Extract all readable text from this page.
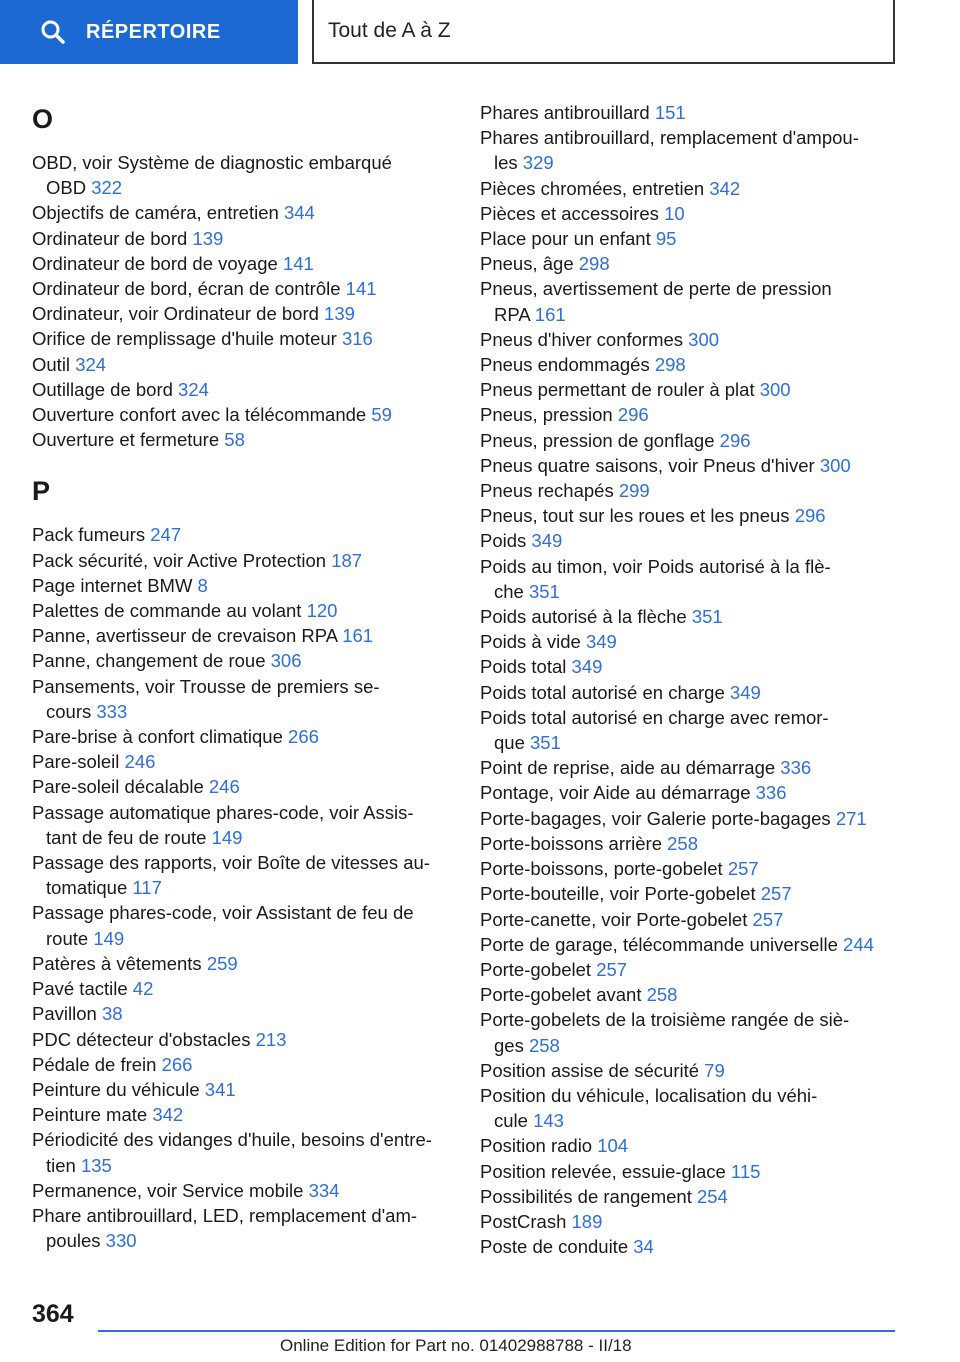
RÉPERTOIRE	Tout de A à Z
O
OBD, voir Système de diagnostic embarqué
OBD 322
Objectifs de caméra, entretien 344
Ordinateur de bord 139
Ordinateur de bord de voyage 141
Ordinateur de bord, écran de contrôle 141
Ordinateur, voir Ordinateur de bord 139
Orifice de remplissage d'huile moteur 316
Outil 324
Outillage de bord 324
Ouverture confort avec la télécommande 59
Ouverture et fermeture 58
P
Pack fumeurs 247
Pack sécurité, voir Active Protection 187
Page internet BMW 8
Palettes de commande au volant 120
Panne, avertisseur de crevaison RPA 161
Panne, changement de roue 306
Pansements, voir Trousse de premiers se‐
cours 333
Pare-brise à confort climatique 266
Pare-soleil 246
Pare-soleil décalable 246
Passage automatique phares-code, voir Assis‐
tant de feu de route 149
Passage des rapports, voir Boîte de vitesses au‐
tomatique 117
Passage phares-code, voir Assistant de feu de
route 149
Patères à vêtements 259
Pavé tactile 42
Pavillon 38
PDC détecteur d'obstacles 213
Pédale de frein 266
Peinture du véhicule 341
Peinture mate 342
Périodicité des vidanges d'huile, besoins d'entre‐
tien 135
Permanence, voir Service mobile 334
Phare antibrouillard, LED, remplacement d'am‐
poules 330
Phares antibrouillard 151
Phares antibrouillard, remplacement d'ampou‐
les 329
Pièces chromées, entretien 342
Pièces et accessoires 10
Place pour un enfant 95
Pneus, âge 298
Pneus, avertissement de perte de pression
RPA 161
Pneus d'hiver conformes 300
Pneus endommagés 298
Pneus permettant de rouler à plat 300
Pneus, pression 296
Pneus, pression de gonflage 296
Pneus quatre saisons, voir Pneus d'hiver 300
Pneus rechapés 299
Pneus, tout sur les roues et les pneus 296
Poids 349
Poids au timon, voir Poids autorisé à la flè‐
che 351
Poids autorisé à la flèche 351
Poids à vide 349
Poids total 349
Poids total autorisé en charge 349
Poids total autorisé en charge avec remor‐
que 351
Point de reprise, aide au démarrage 336
Pontage, voir Aide au démarrage 336
Porte-bagages, voir Galerie porte-bagages 271
Porte-boissons arrière 258
Porte-boissons, porte-gobelet 257
Porte-bouteille, voir Porte-gobelet 257
Porte-canette, voir Porte-gobelet 257
Porte de garage, télécommande universelle 244
Porte-gobelet 257
Porte-gobelet avant 258
Porte-gobelets de la troisième rangée de siè‐
ges 258
Position assise de sécurité 79
Position du véhicule, localisation du véhi‐
cule 143
Position radio 104
Position relevée, essuie-glace 115
Possibilités de rangement 254
PostCrash 189
Poste de conduite 34
364
Online Edition for Part no. 01402988788 - II/18
